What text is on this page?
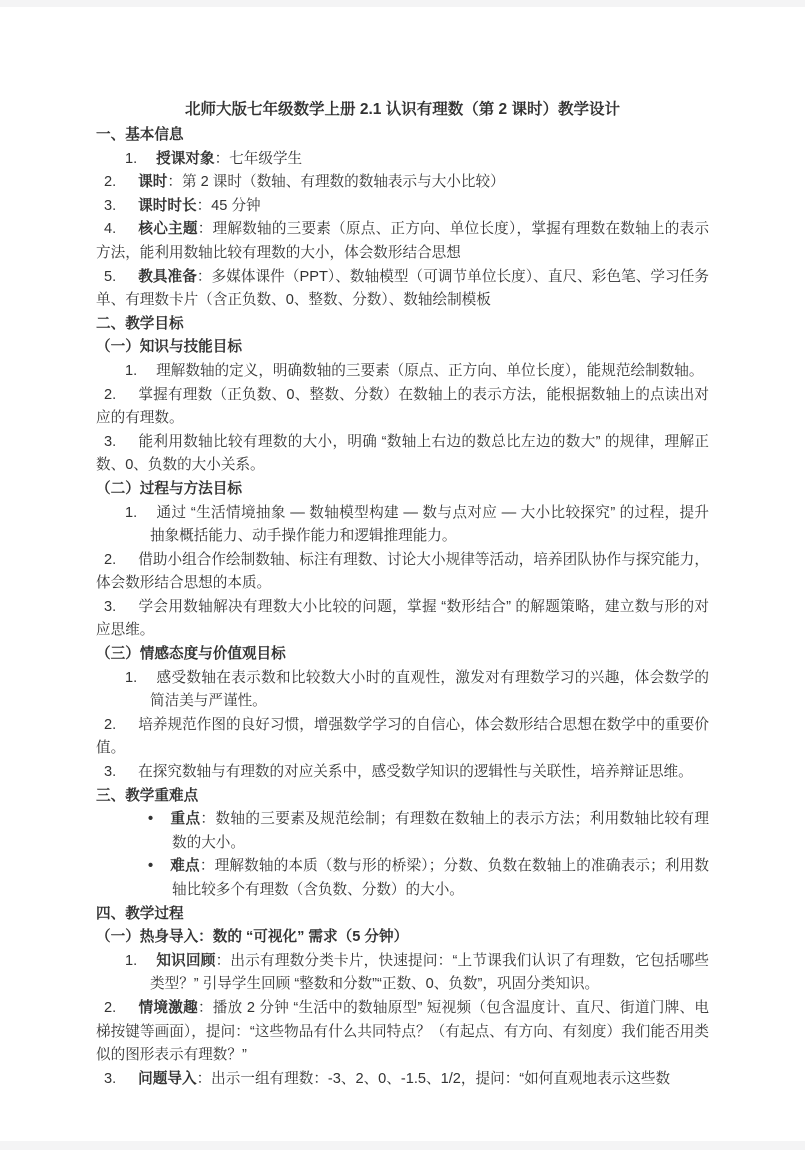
北师大版七年级数学上册 2.1 认识有理数（第 2 课时）教学设计
一、基本信息
1. 授课对象：七年级学生
2. 课时：第 2 课时（数轴、有理数的数轴表示与大小比较）
3. 课时时长：45 分钟
4. 核心主题：理解数轴的三要素（原点、正方向、单位长度），掌握有理数在数轴上的表示方法，能利用数轴比较有理数的大小，体会数形结合思想
5. 教具准备：多媒体课件（PPT）、数轴模型（可调节单位长度）、直尺、彩色笔、学习任务单、有理数卡片（含正负数、0、整数、分数）、数轴绘制模板
二、教学目标
（一）知识与技能目标
1. 理解数轴的定义，明确数轴的三要素（原点、正方向、单位长度），能规范绘制数轴。
2. 掌握有理数（正负数、0、整数、分数）在数轴上的表示方法，能根据数轴上的点读出对应的有理数。
3. 能利用数轴比较有理数的大小，明确 “数轴上右边的数总比左边的数大” 的规律，理解正数、0、负数的大小关系。
（二）过程与方法目标
1. 通过 “生活情境抽象 — 数轴模型构建 — 数与点对应 — 大小比较探究” 的过程，提升抽象概括能力、动手操作能力和逻辑推理能力。
2. 借助小组合作绘制数轴、标注有理数、讨论大小规律等活动，培养团队协作与探究能力，体会数形结合思想的本质。
3. 学会用数轴解决有理数大小比较的问题，掌握 “数形结合” 的解题策略，建立数与形的对应思维。
（三）情感态度与价值观目标
1. 感受数轴在表示数和比较数大小时的直观性，激发对有理数学习的兴趣，体会数学的简洁美与严谨性。
2. 培养规范作图的良好习惯，增强数学学习的自信心，体会数形结合思想在数学中的重要价值。
3. 在探究数轴与有理数的对应关系中，感受数学知识的逻辑性与关联性，培养辩证思维。
三、教学重难点
• 重点：数轴的三要素及规范绘制；有理数在数轴上的表示方法；利用数轴比较有理数的大小。
• 难点：理解数轴的本质（数与形的桥梁）；分数、负数在数轴上的准确表示；利用数轴比较多个有理数（含负数、分数）的大小。
四、教学过程
（一）热身导入：数的 “可视化” 需求（5 分钟）
1. 知识回顾：出示有理数分类卡片，快速提问：“上节课我们认识了有理数，它包括哪些类型？” 引导学生回顾 “整数和分数”“正数、0、负数”，巩固分类知识。
2. 情境激趣：播放 2 分钟 “生活中的数轴原型” 短视频（包含温度计、直尺、街道门牌、电梯按键等画面），提问：“这些物品有什么共同特点？（有起点、有方向、有刻度）我们能否用类似的图形表示有理数？”
3. 问题导入：出示一组有理数：-3、2、0、-1.5、1/2，提问：“如何直观地表示这些数
